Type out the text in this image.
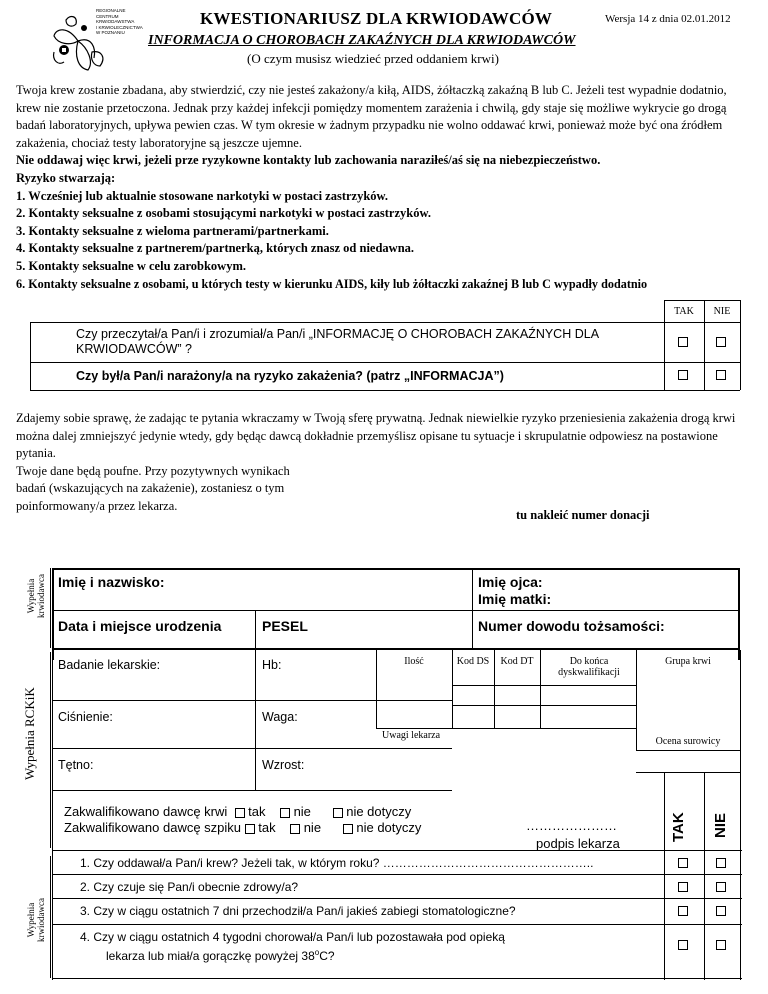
REGIONALNE
CENTRUM
KRWIODAWSTWA
I KRWIOLECZNICTWA
W POZNANIU
KWESTIONARIUSZ DLA KRWIODAWCÓW	Wersja 14 z dnia 02.01.2012
INFORMACJA O CHOROBACH ZAKAŹNYCH DLA KRWIODAWCÓW
(O czym musisz wiedzieć przed oddaniem krwi)

Twoja krew zostanie zbadana, aby stwierdzić, czy nie jesteś zakażony/a kiłą, AIDS, żółtaczką zakaźną B lub C. Jeżeli test wypadnie dodatnio, krew nie zostanie przetoczona. Jednak przy każdej infekcji pomiędzy momentem zarażenia i chwilą, gdy staje się możliwe wykrycie go drogą badań laboratoryjnych, upływa pewien czas. W tym okresie w żadnym przypadku nie wolno oddawać krwi, ponieważ może być ona źródłem zakażenia, chociaż testy laboratoryjne są jeszcze ujemne.

Nie oddawaj więc krwi, jeżeli prze ryzykowne kontakty lub zachowania naraziłeś/aś się na niebezpieczeństwo.

Ryzyko stwarzają:

1. Wcześniej lub aktualnie stosowane narkotyki w postaci zastrzyków.

2. Kontakty seksualne z osobami stosującymi narkotyki w postaci zastrzyków.

3. Kontakty seksualne z wieloma partnerami/partnerkami.

4. Kontakty seksualne z partnerem/partnerką, których znasz od niedawna.

5. Kontakty seksualne w celu zarobkowym.

6. Kontakty seksualne z osobami, u których testy w kierunku AIDS, kiły lub żółtaczki zakaźnej B lub C wypadły dodatnio

TAK	NIE
Czy przeczytał/a Pan/i i zrozumiał/a Pan/i „INFORMACJĘ O CHOROBACH ZAKAŹNYCH DLA KRWIODAWCÓW” ?
Czy był/a Pan/i narażony/a na ryzyko zakażenia? (patrz „INFORMACJA”)

Zdajemy sobie sprawę, że zadając te pytania wkraczamy w Twoją sferę prywatną. Jednak niewielkie ryzyko przeniesienia zakażenia drogą krwi można dalej zmniejszyć jedynie wtedy, gdy będąc dawcą dokładnie przemyślisz opisane tu sytuacje i skrupulatnie odpowiesz na postawione pytania.

Twoje dane będą poufne. Przy pozytywnych wynikach

badań (wskazujących na zakażenie), zostaniesz o tym

poinformowany/a przez lekarza.

tu nakleić numer donacji
Wypełnia krwiodawca
Wypełnia RCKiK
Wypełnia krwiodawca
Imię i nazwisko:	Imię ojca:
Imię matki:
Data i miejsce urodzenia	PESEL	Numer dowodu tożsamości:
Badanie lekarskie:	Hb:	Ilość	Kod DS	Kod DT	Do końca dyskwalifikacji
Grupa krwi
Ciśnienie:	Waga:
Uwagi lekarza
Ocena surowicy
Tętno:	Wzrost:
Zakwalifikowano dawcę krwi tak nie	nie dotyczy
Zakwalifikowano dawcę szpiku tak nie	nie dotyczy	…………………
podpis lekarza
TAK NIE
1. Czy oddawał/a Pan/i krew? Jeżeli tak, w którym roku? ……………………………………………..
2. Czy czuje się Pan/i obecnie zdrowy/a?
3. Czy w ciągu ostatnich 7 dni przechodził/a Pan/i jakieś zabiegi stomatologiczne?
4. Czy w ciągu ostatnich 4 tygodni chorował/a Pan/i lub pozostawała pod opieką
lekarza lub miał/a gorączkę powyżej 38$^o$C?
